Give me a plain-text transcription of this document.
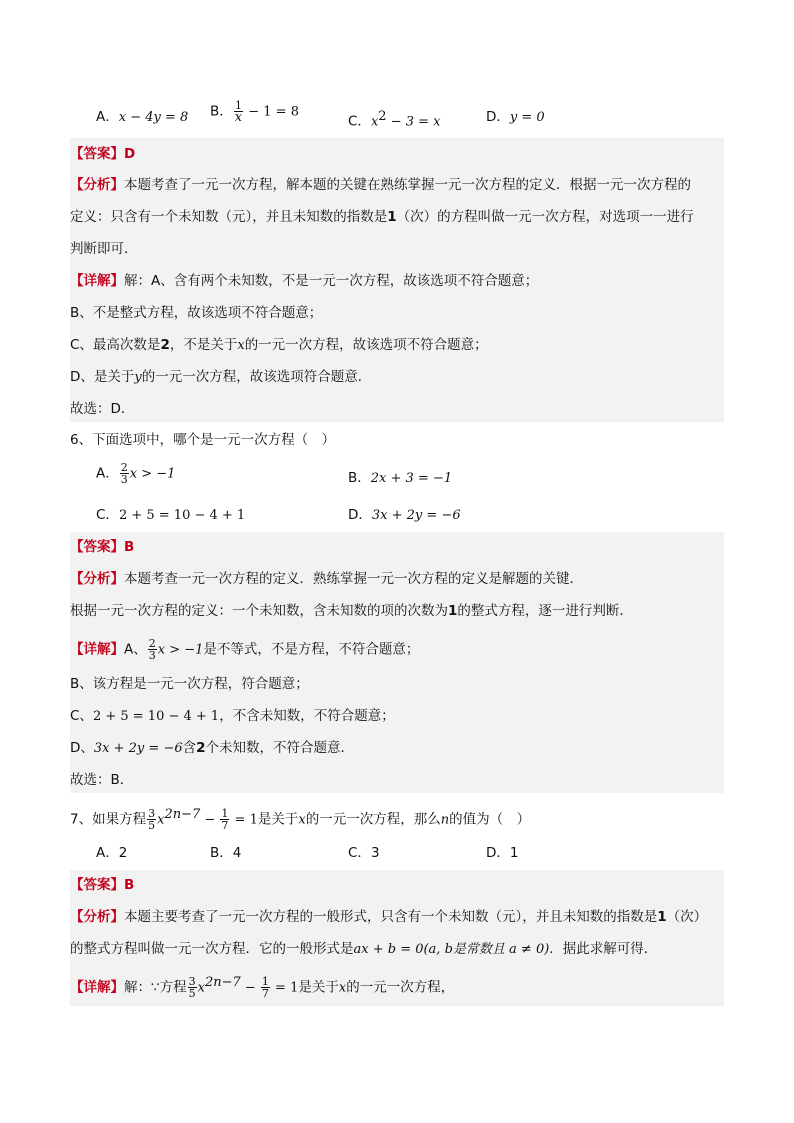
A．x − 4y = 8 B． $\frac{1}{x} - 1 = 8$
C．$x^2 - 3 = x$	D．y = 0
【答案】D
【分析】本题考查了一元一次方程，解本题的关键在熟练掌握一元一次方程的定义．根据一元一次方程的
定义：只含有一个未知数（元），并且未知数的指数是1（次）的方程叫做一元一次方程，对选项一一进行
判断即可．
【详解】解：A、含有两个未知数，不是一元一次方程，故该选项不符合题意；
B、不是整式方程，故该选项不符合题意；
C、最高次数是2，不是关于x的一元一次方程，故该选项不符合题意；
D、是关于y的一元一次方程，故该选项符合题意．
故选：D．
6、下面选项中，哪个是一元一次方程（　）
A． $\frac{2}{3}$ x > −1	B．2x + 3 = −1
C．2 + 5 = 10 − 4 + 1	D．3x + 2y = −6
【答案】B
【分析】本题考查一元一次方程的定义．熟练掌握一元一次方程的定义是解题的关键．
根据一元一次方程的定义：一个未知数，含未知数的项的次数为1的整式方程，逐一进行判断．
【详解】A、 $\frac{2}{3}$ x > −1是不等式，不是方程，不符合题意；
B、该方程是一元一次方程，符合题意；
C、2 + 5 = 10 − 4 + 1，不含未知数，不符合题意；
D、3x + 2y = −6含2个未知数，不符合题意．
故选：B．
7、如果方程 $\frac{3}{5} x^{2n-7} - \frac{1}{7} = 1$是关于x的一元一次方程，那么n的值为（　）
A．2	B．4	C．3	D．1
【答案】B
【分析】本题主要考查了一元一次方程的一般形式，只含有一个未知数（元），并且未知数的指数是1（次）
的整式方程叫做一元一次方程．它的一般形式是ax + b = 0(a, b是常数且 a ≠ 0)．据此求解可得．
【详解】解：∵方程 $\frac{3}{5} x^{2n-7} - \frac{1}{7} = 1$是关于x的一元一次方程，
